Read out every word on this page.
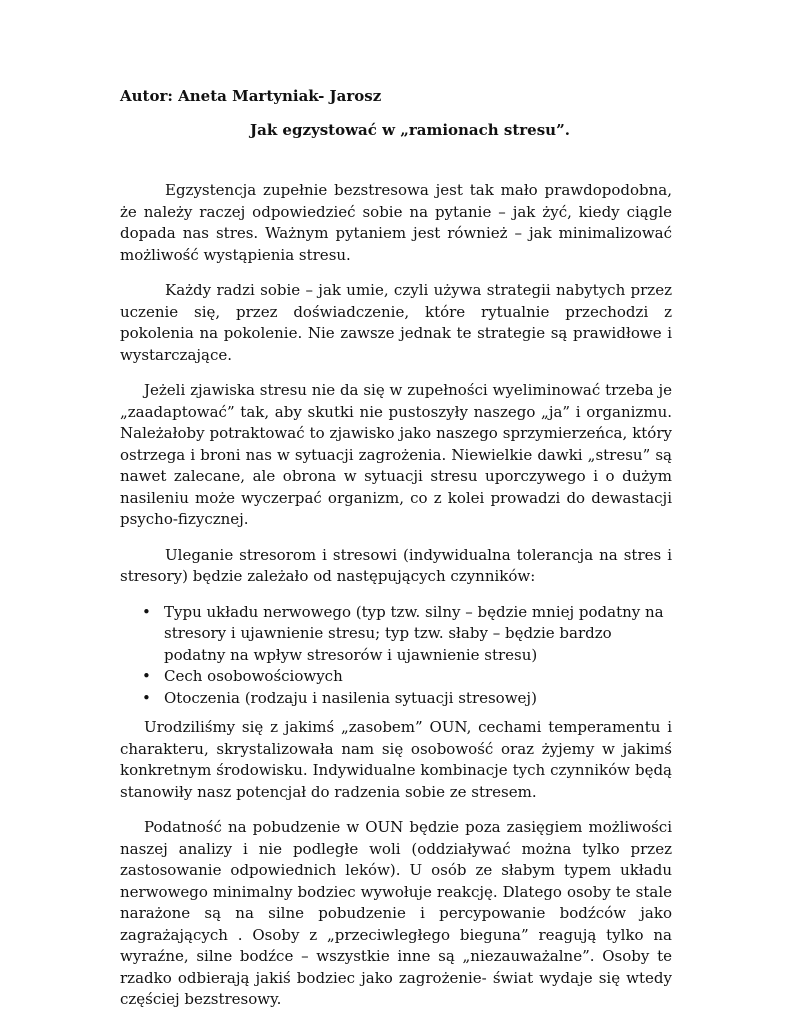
Autor: Aneta Martyniak- Jarosz
Jak egzystować w „ramionach stresu”.

Egzystencja zupełnie bezstresowa jest tak mało prawdopodobna, że należy raczej odpowiedzieć sobie na pytanie – jak żyć, kiedy ciągle dopada nas stres. Ważnym pytaniem jest również – jak minimalizować możliwość wystąpienia stresu.

Każdy radzi sobie – jak umie, czyli używa strategii nabytych przez uczenie się, przez doświadczenie, które rytualnie przechodzi z pokolenia na pokolenie. Nie zawsze jednak te strategie są prawidłowe i wystarczające.

Jeżeli zjawiska stresu nie da się w zupełności wyeliminować trzeba je „zaadaptować” tak, aby skutki nie pustoszyły naszego „ja” i organizmu. Należałoby potraktować to zjawisko jako naszego sprzymierzeńca, który ostrzega i broni nas w sytuacji zagrożenia. Niewielkie dawki „stresu” są nawet zalecane, ale obrona w sytuacji stresu uporczywego i o dużym nasileniu może wyczerpać organizm, co z kolei prowadzi do dewastacji psycho-fizycznej.

Uleganie stresorom i stresowi (indywidualna tolerancja na stres i stresory) będzie zależało od następujących czynników:

• Typu układu nerwowego (typ tzw. silny – będzie mniej podatny na stresory i ujawnienie stresu; typ tzw. słaby – będzie bardzo podatny na wpływ stresorów i ujawnienie stresu)
• Cech osobowościowych
• Otoczenia (rodzaju i nasilenia sytuacji stresowej)

Urodziliśmy się z jakimś „zasobem” OUN, cechami temperamentu i charakteru, skrystalizowała nam się osobowość oraz żyjemy w jakimś konkretnym środowisku. Indywidualne kombinacje tych czynników będą stanowiły nasz potencjał do radzenia sobie ze stresem.

Podatność na pobudzenie w OUN będzie poza zasięgiem możliwości naszej analizy i nie podległe woli (oddziaływać można tylko przez zastosowanie odpowiednich leków). U osób ze słabym typem układu nerwowego minimalny bodziec wywołuje reakcję. Dlatego osoby te stale narażone są na silne pobudzenie i percypowanie bodźców jako zagrażających . Osoby z „przeciwległego bieguna” reagują tylko na wyraźne, silne bodźce – wszystkie inne są „niezauważalne”. Osoby te rzadko odbierają jakiś bodziec jako zagrożenie- świat wydaje się wtedy częściej bezstresowy.
